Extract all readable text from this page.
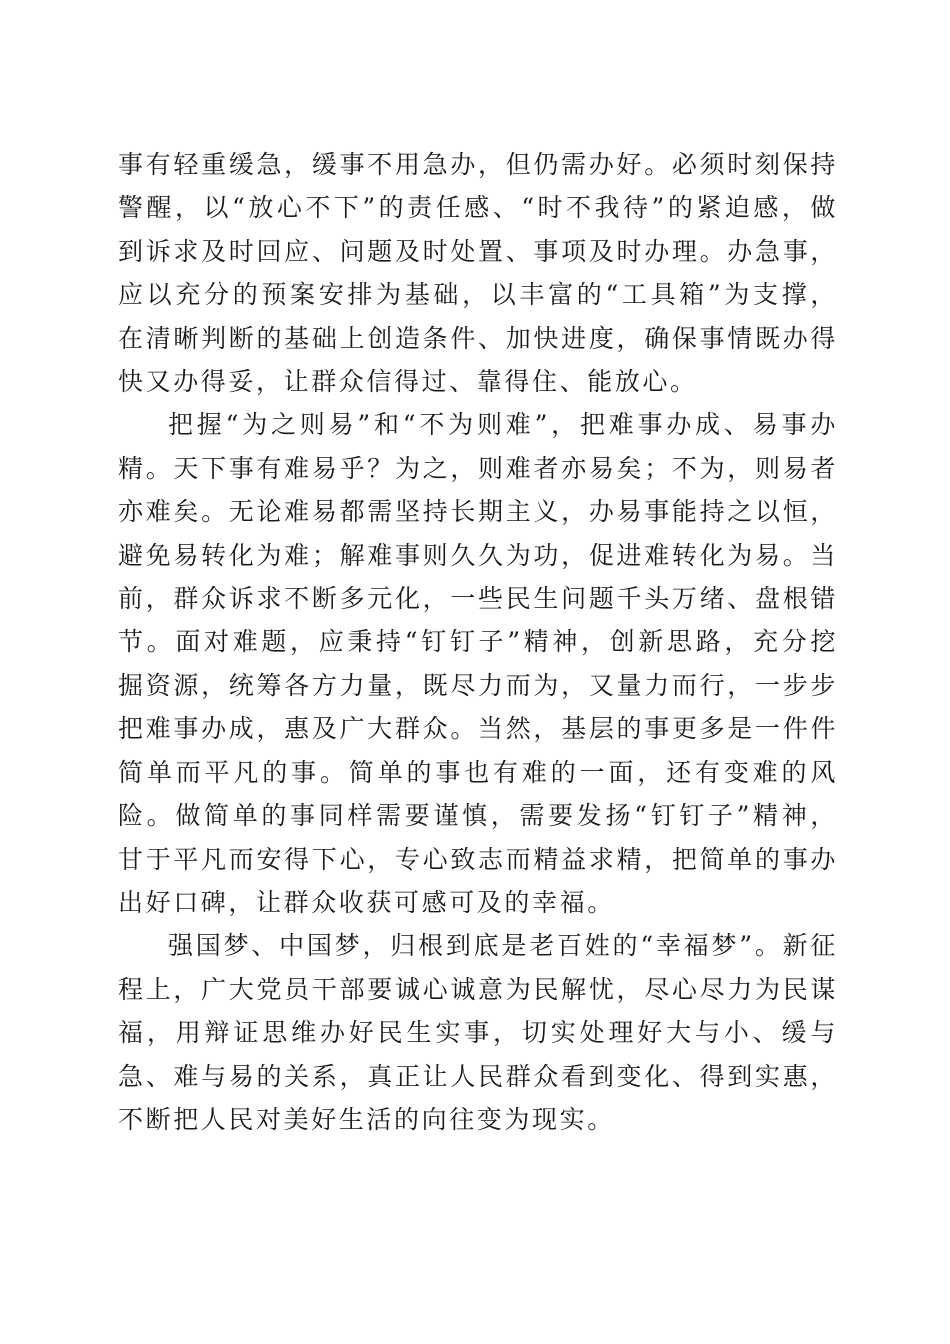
事有轻重缓急，缓事不用急办，但仍需办好。必须时刻保持警醒，以“放心不下”的责任感、“时不我待”的紧迫感，做到诉求及时回应、问题及时处置、事项及时办理。办急事，应以充分的预案安排为基础，以丰富的“工具箱”为支撑，在清晰判断的基础上创造条件、加快进度，确保事情既办得快又办得妥，让群众信得过、靠得住、能放心。

把握“为之则易”和“不为则难”，把难事办成、易事办精。天下事有难易乎？为之，则难者亦易矣；不为，则易者亦难矣。无论难易都需坚持长期主义，办易事能持之以恒，避免易转化为难；解难事则久久为功，促进难转化为易。当前，群众诉求不断多元化，一些民生问题千头万绪、盘根错节。面对难题，应秉持“钉钉子”精神，创新思路，充分挖掘资源，统筹各方力量，既尽力而为，又量力而行，一步步把难事办成，惠及广大群众。当然，基层的事更多是一件件简单而平凡的事。简单的事也有难的一面，还有变难的风险。做简单的事同样需要谨慎，需要发扬“钉钉子”精神，甘于平凡而安得下心，专心致志而精益求精，把简单的事办出好口碑，让群众收获可感可及的幸福。

强国梦、中国梦，归根到底是老百姓的“幸福梦”。新征程上，广大党员干部要诚心诚意为民解忧，尽心尽力为民谋福，用辩证思维办好民生实事，切实处理好大与小、缓与急、难与易的关系，真正让人民群众看到变化、得到实惠，不断把人民对美好生活的向往变为现实。
